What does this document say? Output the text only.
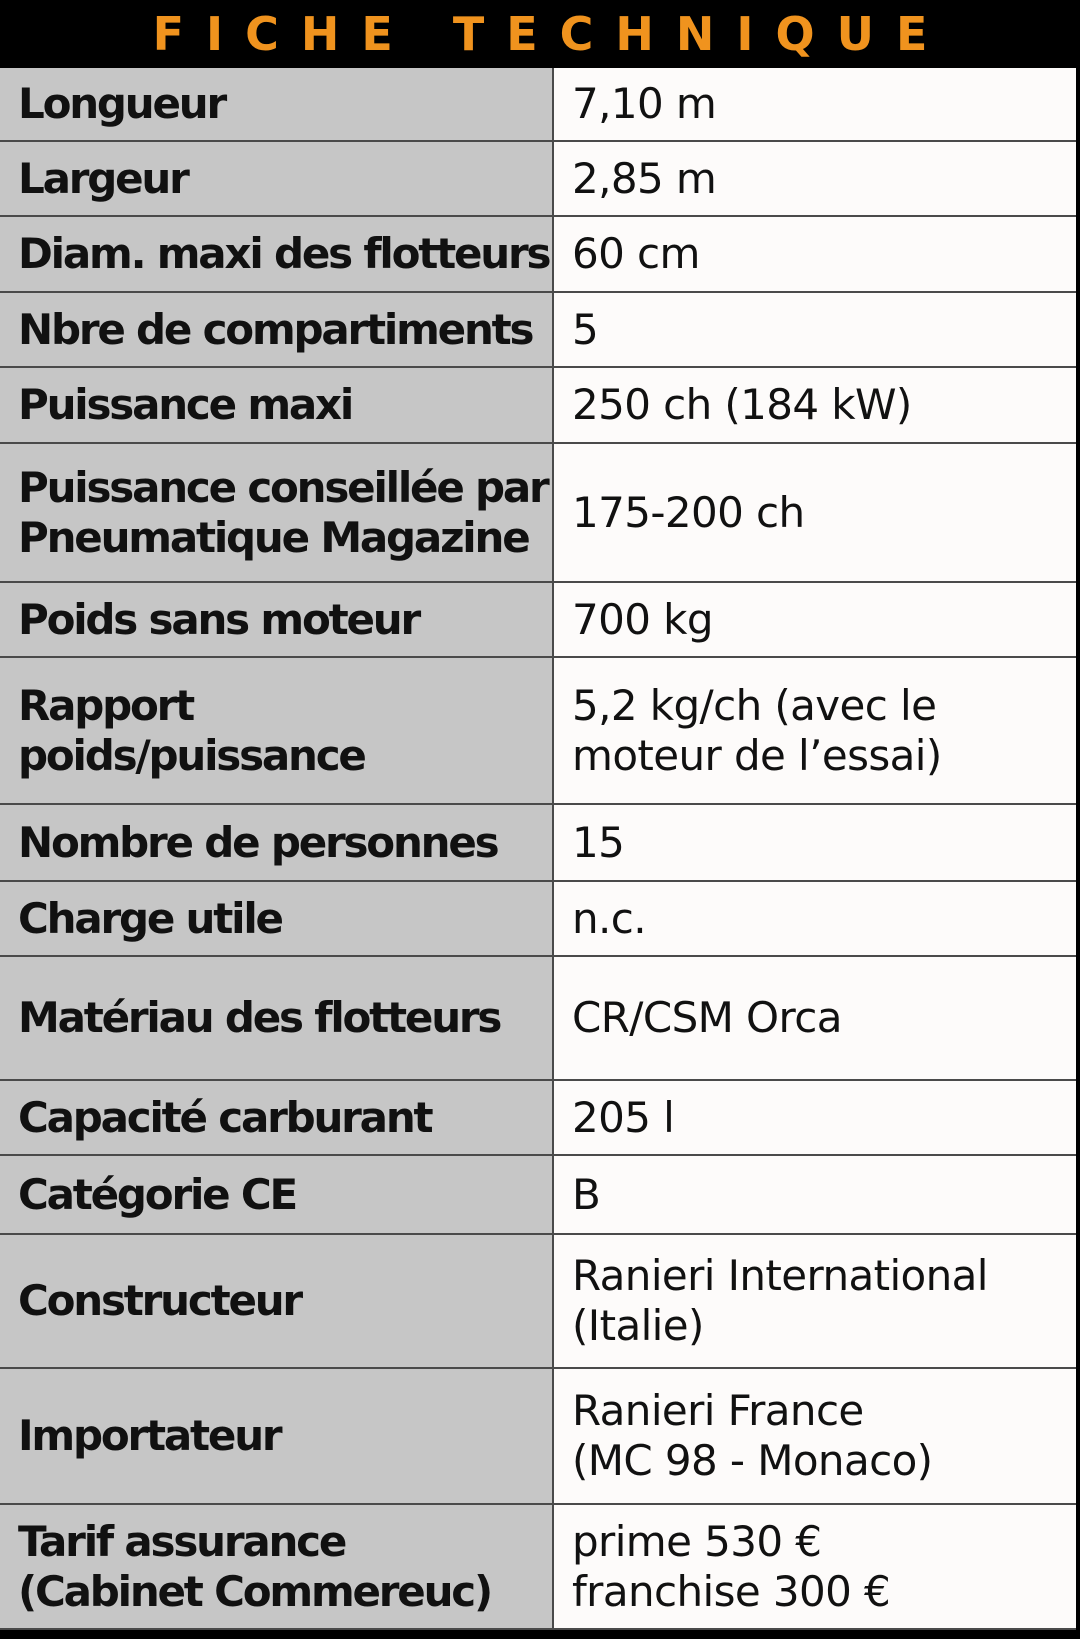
FICHE TECHNIQUE
Longueur	7,10 m
Largeur	2,85 m
Diam. maxi des flotteurs	60 cm
Nbre de compartiments	5
Puissance maxi	250 ch (184 kW)
Puissance conseillée par
Pneumatique Magazine	175-200 ch
Poids sans moteur	700 kg
Rapport poids/puissance	5,2 kg/ch (avec le
moteur de l’essai)
Nombre de personnes	15
Charge utile	n.c.
Matériau des flotteurs	CR/CSM Orca
Capacité carburant	205 l
Catégorie CE	B
Constructeur	Ranieri International
(Italie)
Importateur	Ranieri France
(MC 98 - Monaco)
Tarif assurance
(Cabinet Commereuc)	prime 530 €
franchise 300 €
